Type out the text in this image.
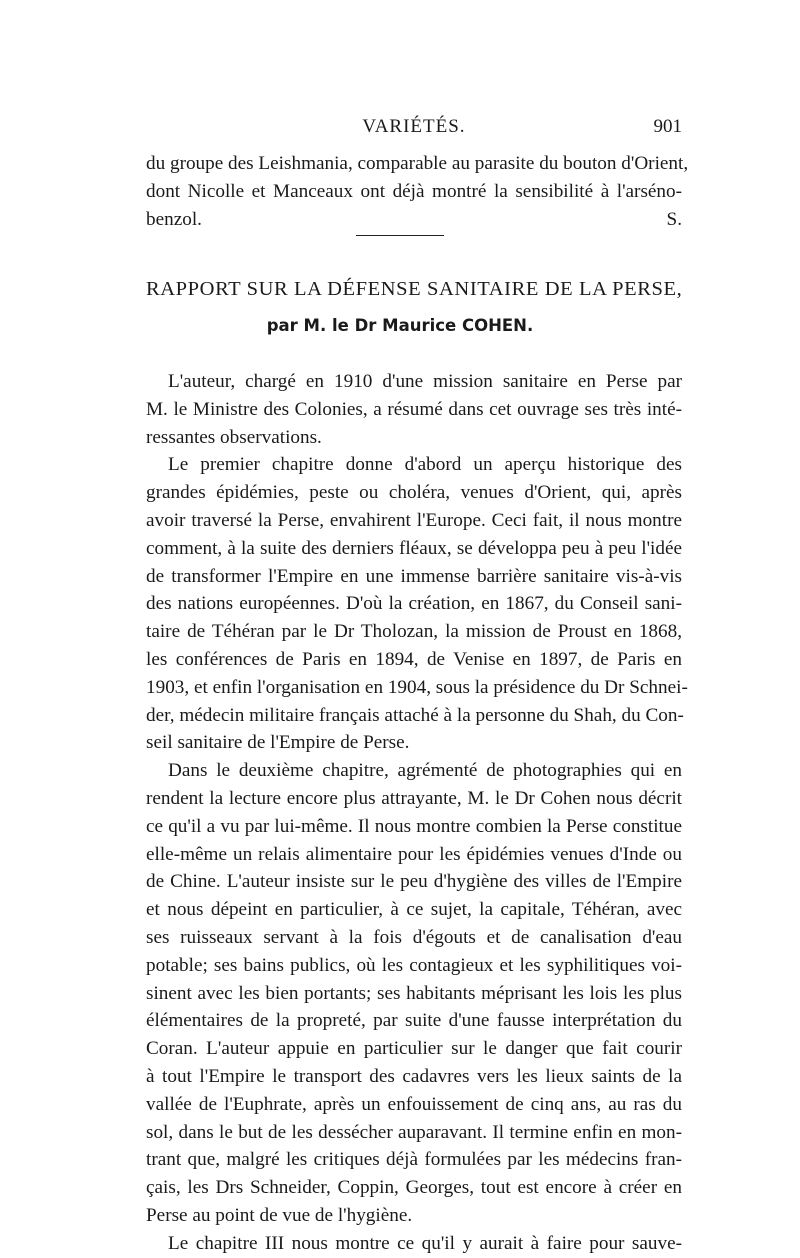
VARIÉTÉS.	901
du groupe des Leishmania, comparable au parasite du bouton d'Orient,
dont Nicolle et Manceaux ont déjà montré la sensibilité à l'arséno-
benzol.	S.
RAPPORT SUR LA DÉFENSE SANITAIRE DE LA PERSE,
par M. le Dr Maurice COHEN.
L'auteur, chargé en 1910 d'une mission sanitaire en Perse par
M. le Ministre des Colonies, a résumé dans cet ouvrage ses très inté-
ressantes observations.
Le premier chapitre donne d'abord un aperçu historique des
grandes épidémies, peste ou choléra, venues d'Orient, qui, après
avoir traversé la Perse, envahirent l'Europe. Ceci fait, il nous montre
comment, à la suite des derniers fléaux, se développa peu à peu l'idée
de transformer l'Empire en une immense barrière sanitaire vis-à-vis
des nations européennes. D'où la création, en 1867, du Conseil sani-
taire de Téhéran par le Dr Tholozan, la mission de Proust en 1868,
les conférences de Paris en 1894, de Venise en 1897, de Paris en
1903, et enfin l'organisation en 1904, sous la présidence du Dr Schnei-
der, médecin militaire français attaché à la personne du Shah, du Con-
seil sanitaire de l'Empire de Perse.
Dans le deuxième chapitre, agrémenté de photographies qui en
rendent la lecture encore plus attrayante, M. le Dr Cohen nous décrit
ce qu'il a vu par lui-même. Il nous montre combien la Perse constitue
elle-même un relais alimentaire pour les épidémies venues d'Inde ou
de Chine. L'auteur insiste sur le peu d'hygiène des villes de l'Empire
et nous dépeint en particulier, à ce sujet, la capitale, Téhéran, avec
ses ruisseaux servant à la fois d'égouts et de canalisation d'eau
potable; ses bains publics, où les contagieux et les syphilitiques voi-
sinent avec les bien portants; ses habitants méprisant les lois les plus
élémentaires de la propreté, par suite d'une fausse interprétation du
Coran. L'auteur appuie en particulier sur le danger que fait courir
à tout l'Empire le transport des cadavres vers les lieux saints de la
vallée de l'Euphrate, après un enfouissement de cinq ans, au ras du
sol, dans le but de les dessécher auparavant. Il termine enfin en mon-
trant que, malgré les critiques déjà formulées par les médecins fran-
çais, les Drs Schneider, Coppin, Georges, tout est encore à créer en
Perse au point de vue de l'hygiène.
Le chapitre III nous montre ce qu'il y aurait à faire pour sauve-
